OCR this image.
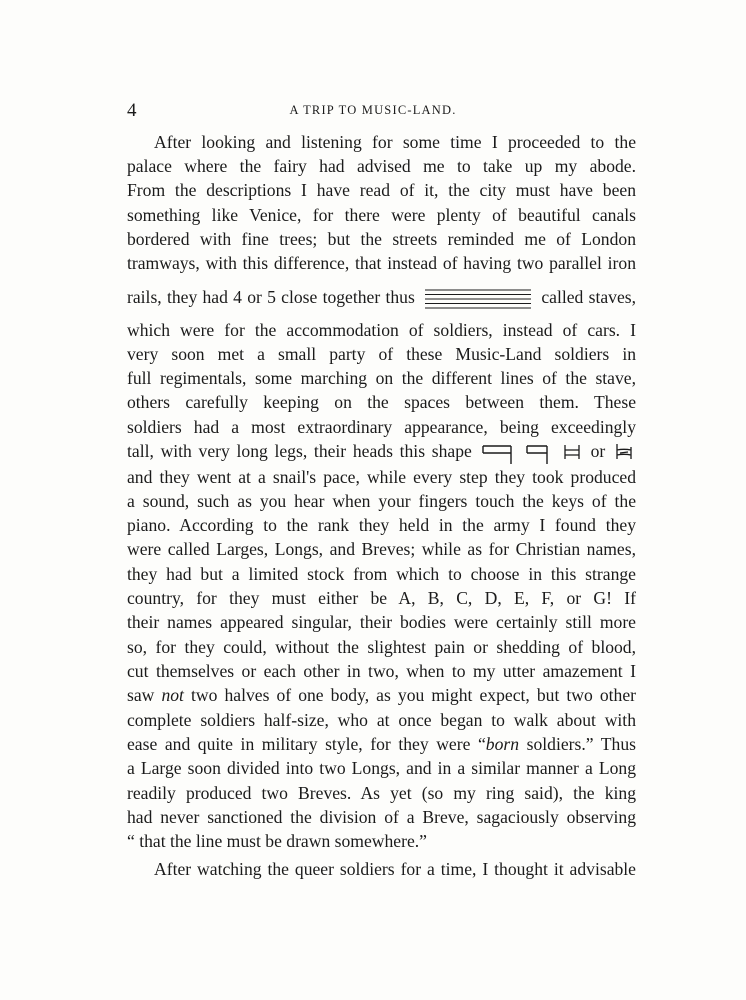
4	A TRIP TO MUSIC-LAND.
After looking and listening for some time I proceeded to the
palace where the fairy had advised me to take up my abode.
From the descriptions I have read of it, the city must have been
something like Venice, for there were plenty of beautiful canals
bordered with fine trees; but the streets reminded me of London
tramways, with this difference, that instead of having two parallel iron
rails, they had 4 or 5 close together thus	called staves,
which were for the accommodation of soldiers, instead of cars. I
very soon met a small party of these Music-Land soldiers in
full regimentals, some marching on the different lines of the stave,
others carefully keeping on the spaces between them. These
soldiers had a most extraordinary appearance, being exceedingly
tall, with very long legs, their heads this shape	or
and they went at a snail's pace, while every step they took produced
a sound, such as you hear when your fingers touch the keys of the
piano. According to the rank they held in the army I found they
were called Larges, Longs, and Breves; while as for Christian names,
they had but a limited stock from which to choose in this strange
country, for they must either be A, B, C, D, E, F, or G! If
their names appeared singular, their bodies were certainly still more
so, for they could, without the slightest pain or shedding of blood,
cut themselves or each other in two, when to my utter amazement I
saw not two halves of one body, as you might expect, but two other
complete soldiers half-size, who at once began to walk about with
ease and quite in military style, for they were “born soldiers.” Thus
a Large soon divided into two Longs, and in a similar manner a Long
readily produced two Breves. As yet (so my ring said), the king
had never sanctioned the division of a Breve, sagaciously observing
“ that the line must be drawn somewhere.”
After watching the queer soldiers for a time, I thought it advisable
